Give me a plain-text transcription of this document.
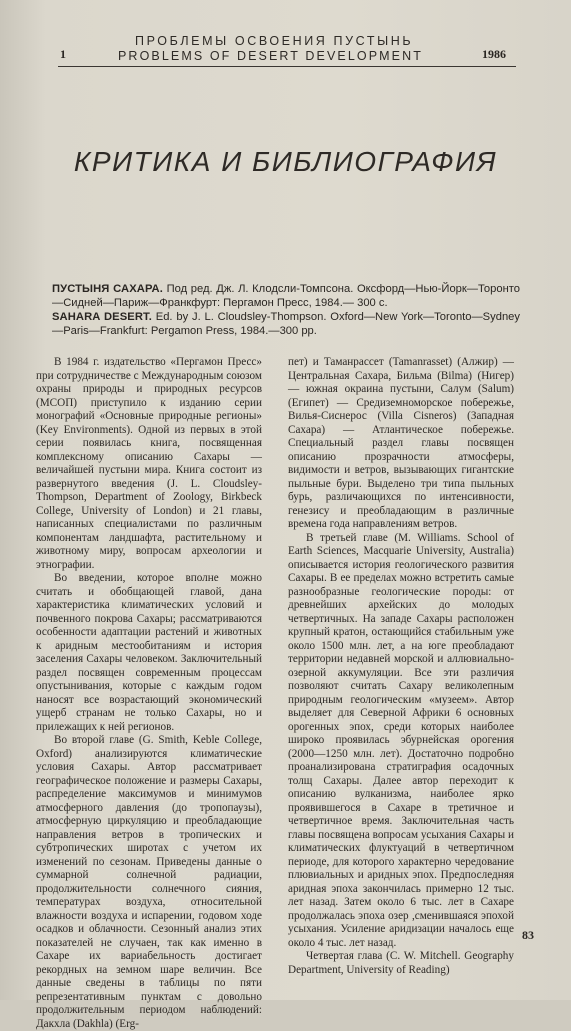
ПРОБЛЕМЫ ОСВОЕНИЯ ПУСТЫНЬ
1	PROBLEMS OF DESERT DEVELOPMENT	1986
КРИТИКА И БИБЛИОГРАФИЯ

ПУСТЫНЯ САХАРА. Под ред. Дж. Л. Клодсли-Томпсона. Оксфорд—Нью-Йорк—Торонто—Сидней—Париж—Франкфурт: Пергамон Пресс, 1984.— 300 с.

SAHARA DESERT. Ed. by J. L. Cloudsley-Thompson. Oxford—New York—Toronto—Sydney—Paris—Frankfurt: Pergamon Press, 1984.—300 pp.

В 1984 г. издательство «Пергамон Пресс» при сотрудничестве с Международным союзом охраны природы и природных ресурсов (МСОП) приступило к изданию серии монографий «Основные природные регионы» (Key Environments). Одной из первых в этой серии появилась книга, посвященная комплексному описанию Сахары — величайшей пустыни мира. Книга состоит из развернутого введения (J. L. Cloudsley-Thompson, Department of Zoology, Birkbeck College, University of London) и 21 главы, написанных специалистами по различным компонентам ландшафта, растительному и животному миру, вопросам археологии и этнографии.

Во введении, которое вполне можно считать и обобщающей главой, дана характеристика климатических условий и почвенного покрова Сахары; рассматриваются особенности адаптации растений и животных к аридным местообитаниям и история заселения Сахары человеком. Заключительный раздел посвящен современным процессам опустынивания, которые с каждым годом наносят все возрастающий экономический ущерб странам не только Сахары, но и прилежащих к ней регионов.

Во второй главе (G. Smith, Keble College, Oxford) анализируются климатические условия Сахары. Автор рассматривает географическое положение и размеры Сахары, распределение максимумов и минимумов атмосферного давления (до тропопаузы), атмосферную циркуляцию и преобладающие направления ветров в тропических и субтропических широтах с учетом их изменений по сезонам. Приведены данные о суммарной солнечной радиации, продолжительности солнечного сияния, температурах воздуха, относительной влажности воздуха и испарении, годовом ходе осадков и облачности. Сезонный анализ этих показателей не случаен, так как именно в Сахаре их вариабельность достигает рекордных на земном шаре величин. Все данные сведены в таблицы по пяти репрезентативным пунктам с довольно продолжительным периодом наблюдений: Дакхла (Dakhla) (Erg-

пет) и Таманрассет (Tamanrasset) (Алжир) — Центральная Сахара, Бильма (Bilma) (Нигер) — южная окраина пустыни, Салум (Salum) (Египет) — Средиземноморское побережье, Вилья-Сиснерос (Villa Cisneros) (Западная Сахара) — Атлантическое побережье. Специальный раздел главы посвящен описанию прозрачности атмосферы, видимости и ветров, вызывающих гигантские пыльные бури. Выделено три типа пыльных бурь, различающихся по интенсивности, генезису и преобладающим в различные времена года направлениям ветров.

В третьей главе (M. Williams. School of Earth Sciences, Macquarie University, Australia) описывается история геологического развития Сахары. В ее пределах можно встретить самые разнообразные геологические породы: от древнейших архейских до молодых четвертичных. На западе Сахары расположен крупный кратон, остающийся стабильным уже около 1500 млн. лет, а на юге преобладают территории недавней морской и аллювиально-озерной аккумуляции. Все эти различия позволяют считать Сахару великолепным природным геологическим «музеем». Автор выделяет для Северной Африки 6 основных орогенных эпох, среди которых наиболее широко проявилась эбурнейская орогения (2000—1250 млн. лет). Достаточно подробно проанализирована стратиграфия осадочных толщ Сахары. Далее автор переходит к описанию вулканизма, наиболее ярко проявившегося в Сахаре в третичное и четвертичное время. Заключительная часть главы посвящена вопросам усыхания Сахары и климатических флуктуаций в четвертичном периоде, для которого характерно чередование плювиальных и аридных эпох. Предпоследняя аридная эпоха закончилась примерно 12 тыс. лет назад. Затем около 6 тыс. лет в Сахаре продолжалась эпоха озер ,сменившаяся эпохой усыхания. Усиление аридизации началось еще около 4 тыс. лет назад.

Четвертая глава (C. W. Mitchell. Geography Department, University of Reading)

83
